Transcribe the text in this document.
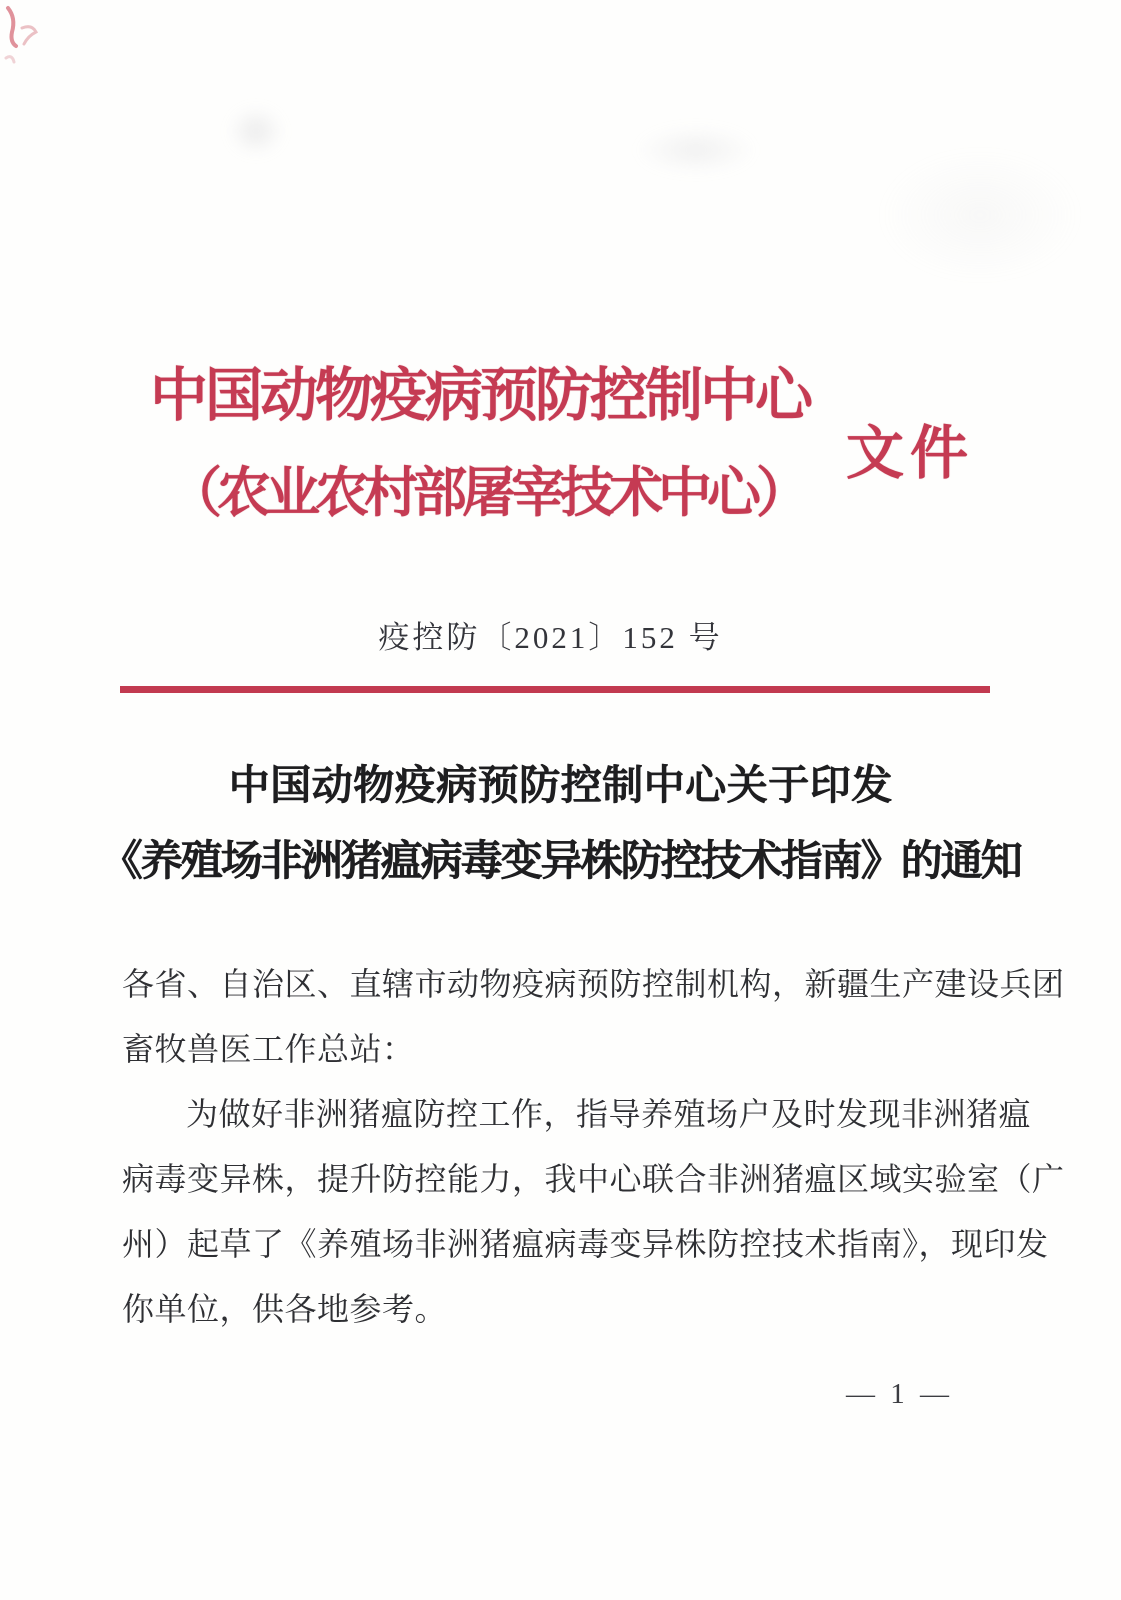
中国动物疫病预防控制中心
（农业农村部屠宰技术中心）
文件
疫控防〔2021〕152 号
中国动物疫病预防控制中心关于印发
《养殖场非洲猪瘟病毒变异株防控技术指南》的通知
各省、自治区、直辖市动物疫病预防控制机构，新疆生产建设兵团
畜牧兽医工作总站：
为做好非洲猪瘟防控工作，指导养殖场户及时发现非洲猪瘟
病毒变异株，提升防控能力，我中心联合非洲猪瘟区域实验室（广
州）起草了《养殖场非洲猪瘟病毒变异株防控技术指南》，现印发
你单位，供各地参考。
— 1 —
